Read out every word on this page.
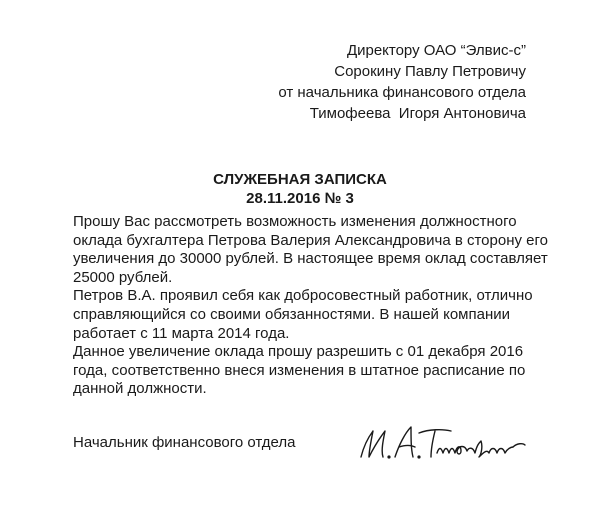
Директору ОАО “Элвис-с”
Сорокину Павлу Петровичу
от начальника финансового отдела
Тимофеева  Игоря Антоновича
СЛУЖЕБНАЯ ЗАПИСКА
28.11.2016 № 3

Прошу Вас рассмотреть возможность изменения должностного

оклада бухгалтера Петрова Валерия Александровича в сторону его

увеличения до 30000 рублей. В настоящее время оклад составляет

25000 рублей.

Петров В.А. проявил себя как добросовестный работник, отлично

справляющийся со своими обязанностями. В нашей компании

работает с 11 марта 2014 года.

Данное увеличение оклада прошу разрешить с 01 декабря 2016

года, соответственно внеся изменения в штатное расписание по

данной должности.

Начальник финансового отдела
